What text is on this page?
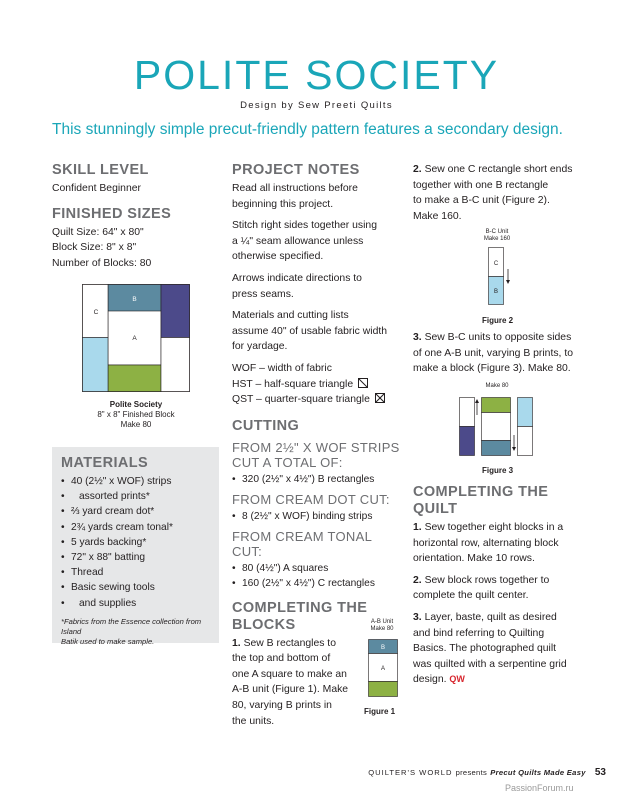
POLITE SOCIETY
Design by Sew Preeti Quilts
This stunningly simple precut-friendly pattern features a secondary design.
SKILL LEVEL
Confident Beginner
FINISHED SIZES
Quilt Size: 64" x 80"
Block Size: 8" x 8"
Number of Blocks: 80
B
C
A
Polite Society
8" x 8" Finished Block
Make 80
MATERIALS
• 40 (2½" x WOF) strips
• assorted prints*
• ⅔ yard cream dot*
• 2¾ yards cream tonal*
• 5 yards backing*
• 72" x 88" batting
• Thread
• Basic sewing tools
• and supplies
*Fabrics from the Essence collection from Island
Batik used to make sample.
PROJECT NOTES

Read all instructions before
beginning this project.

Stitch right sides together using
a ¼" seam allowance unless
otherwise specified.

Arrows indicate directions to
press seams.

Materials and cutting lists
assume 40" of usable fabric width
for yardage.

WOF – width of fabric
HST – half-square triangle
QST – quarter-square triangle

CUTTING
FROM 2½" X WOF STRIPS
CUT A TOTAL OF:
• 320 (2½" x 4½") B rectangles
FROM CREAM DOT CUT:
• 8 (2½" x WOF) binding strips
FROM CREAM TONAL CUT:
• 80 (4½") A squares
• 160 (2½" x 4½") C rectangles
COMPLETING THE
BLOCKS

1. Sew B rectangles to
the top and bottom of
one A square to make an
A-B unit (Figure 1). Make
80, varying B prints in
the units.

A-B Unit
Make 80
B
A
Figure 1

2. Sew one C rectangle short ends
together with one B rectangle
to make a B-C unit (Figure 2).
Make 160.

B-C Unit
Make 160
C
B
Figure 2

3. Sew B-C units to opposite sides
of one A-B unit, varying B prints, to
make a block (Figure 3). Make 80.

Make 80
Figure 3
COMPLETING THE
QUILT

1. Sew together eight blocks in a
horizontal row, alternating block
orientation. Make 10 rows.

2. Sew block rows together to
complete the quilt center.

3. Layer, baste, quilt as desired
and bind referring to Quilting
Basics. The photographed quilt
was quilted with a serpentine grid
design. QW

QUILTER'S WORLD presents Precut Quilts Made Easy 53
PassionForum.ru
